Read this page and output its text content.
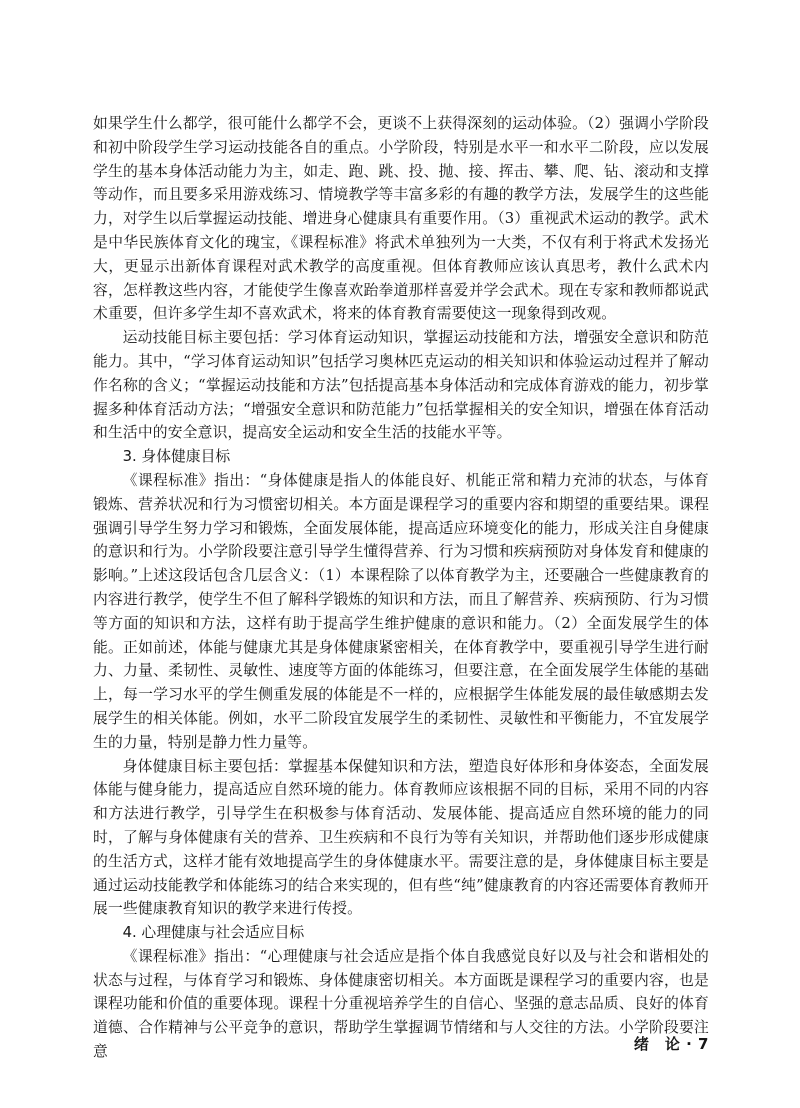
如果学生什么都学，很可能什么都学不会，更谈不上获得深刻的运动体验。（2）强调小学阶段和初中阶段学生学习运动技能各自的重点。小学阶段，特别是水平一和水平二阶段，应以发展学生的基本身体活动能力为主，如走、跑、跳、投、抛、接、挥击、攀、爬、钻、滚动和支撑等动作，而且要多采用游戏练习、情境教学等丰富多彩的有趣的教学方法，发展学生的这些能力，对学生以后掌握运动技能、增进身心健康具有重要作用。（3）重视武术运动的教学。武术是中华民族体育文化的瑰宝，《课程标准》将武术单独列为一大类，不仅有利于将武术发扬光大，更显示出新体育课程对武术教学的高度重视。但体育教师应该认真思考，教什么武术内容，怎样教这些内容，才能使学生像喜欢跆拳道那样喜爱并学会武术。现在专家和教师都说武术重要，但许多学生却不喜欢武术，将来的体育教育需要使这一现象得到改观。

运动技能目标主要包括：学习体育运动知识，掌握运动技能和方法，增强安全意识和防范能力。其中，“学习体育运动知识”包括学习奥林匹克运动的相关知识和体验运动过程并了解动作名称的含义；“掌握运动技能和方法”包括提高基本身体活动和完成体育游戏的能力，初步掌握多种体育活动方法；“增强安全意识和防范能力”包括掌握相关的安全知识，增强在体育活动和生活中的安全意识，提高安全运动和安全生活的技能水平等。

3. 身体健康目标

《课程标准》指出：“身体健康是指人的体能良好、机能正常和精力充沛的状态，与体育锻炼、营养状况和行为习惯密切相关。本方面是课程学习的重要内容和期望的重要结果。课程强调引导学生努力学习和锻炼，全面发展体能，提高适应环境变化的能力，形成关注自身健康的意识和行为。小学阶段要注意引导学生懂得营养、行为习惯和疾病预防对身体发育和健康的影响。”上述这段话包含几层含义：（1）本课程除了以体育教学为主，还要融合一些健康教育的内容进行教学，使学生不但了解科学锻炼的知识和方法，而且了解营养、疾病预防、行为习惯等方面的知识和方法，这样有助于提高学生维护健康的意识和能力。（2）全面发展学生的体能。正如前述，体能与健康尤其是身体健康紧密相关，在体育教学中，要重视引导学生进行耐力、力量、柔韧性、灵敏性、速度等方面的体能练习，但要注意，在全面发展学生体能的基础上，每一学习水平的学生侧重发展的体能是不一样的，应根据学生体能发展的最佳敏感期去发展学生的相关体能。例如，水平二阶段宜发展学生的柔韧性、灵敏性和平衡能力，不宜发展学生的力量，特别是静力性力量等。

身体健康目标主要包括：掌握基本保健知识和方法，塑造良好体形和身体姿态，全面发展体能与健身能力，提高适应自然环境的能力。体育教师应该根据不同的目标，采用不同的内容和方法进行教学，引导学生在积极参与体育活动、发展体能、提高适应自然环境的能力的同时，了解与身体健康有关的营养、卫生疾病和不良行为等有关知识，并帮助他们逐步形成健康的生活方式，这样才能有效地提高学生的身体健康水平。需要注意的是，身体健康目标主要是通过运动技能教学和体能练习的结合来实现的，但有些“纯”健康教育的内容还需要体育教师开展一些健康教育知识的教学来进行传授。

4. 心理健康与社会适应目标

《课程标准》指出：“心理健康与社会适应是指个体自我感觉良好以及与社会和谐相处的状态与过程，与体育学习和锻炼、身体健康密切相关。本方面既是课程学习的重要内容，也是课程功能和价值的重要体现。课程十分重视培养学生的自信心、坚强的意志品质、良好的体育道德、合作精神与公平竞争的意识，帮助学生掌握调节情绪和与人交往的方法。小学阶段要注意	绪　论 · 7
